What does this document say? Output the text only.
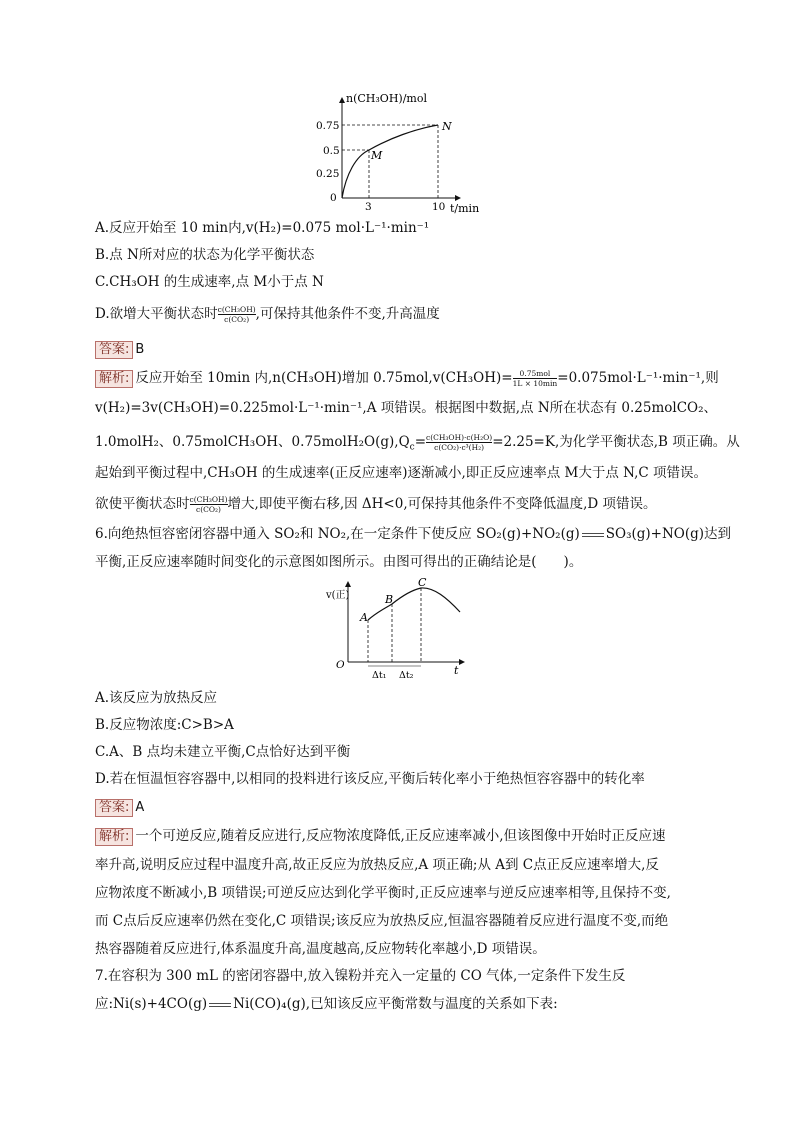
n(CH₃OH)/mol
t/min
0.75
0.5
0.25
0
3	10
M
N
A.反应开始至 10 min内,v(H₂)=0.075 mol·L⁻¹·min⁻¹
B.点 N所对应的状态为化学平衡状态
C.CH₃OH 的生成速率,点 M小于点 N
D.欲增大平衡状态时 $\frac{\text{c(CH₃OH)}}{\text{c(CO₂)}}$ ,可保持其他条件不变,升高温度
答案: B
解析: 反应开始至 10min 内,n(CH₃OH)增加 0.75mol,v(CH₃OH)= 0.75mol
1L × 10min =0.075mol·L⁻¹·min⁻¹,则
v(H₂)=3v(CH₃OH)=0.225mol·L⁻¹·min⁻¹,A 项错误。根据图中数据,点 N所在状态有 0.25molCO₂、
1.0molH₂、0.75molCH₃OH、$0.75molH_2O(g),Q_c= \frac{\text{c(CH₃OH)·c(H₂O)}}{\text{c(CO₂)·c³(H₂)}} =2.25=K$,为化学平衡状态,B 项正确。从
起始到平衡过程中,CH₃OH 的生成速率(正反应速率)逐渐减小,即正反应速率点 M大于点 N,C 项错误。
欲使平衡状态时 $\frac{\text{c(CH₃OH)}}{\text{c(CO₂)}}$ 增大,即使平衡右移,因 ΔH<0,可保持其他条件不变降低温度,D 项错误。
6.向绝热恒容密闭容器中通入 SO₂和 NO₂,在一定条件下使反应 SO₂(g)+NO₂(g) SO₃(g)+NO(g)达到
平衡,正反应速率随时间变化的示意图如图所示。由图可得出的正确结论是(　　)。
v(正)
t
O
A
B
C
Δt₁ Δt₂
A.该反应为放热反应
B.反应物浓度:C>B>A
C.A、B 点均未建立平衡,C点恰好达到平衡
D.若在恒温恒容容器中,以相同的投料进行该反应,平衡后转化率小于绝热恒容容器中的转化率
答案: A
解析: 一个可逆反应,随着反应进行,反应物浓度降低,正反应速率减小,但该图像中开始时正反应速
率升高,说明反应过程中温度升高,故正反应为放热反应,A 项正确;从 A到 C点正反应速率增大,反
应物浓度不断减小,B 项错误;可逆反应达到化学平衡时,正反应速率与逆反应速率相等,且保持不变,
而 C点后反应速率仍然在变化,C 项错误;该反应为放热反应,恒温容器随着反应进行温度不变,而绝
热容器随着反应进行,体系温度升高,温度越高,反应物转化率越小,D 项错误。
7.在容积为 300 mL 的密闭容器中,放入镍粉并充入一定量的 CO 气体,一定条件下发生反
应:Ni(s)+4CO(g) Ni(CO)₄(g),已知该反应平衡常数与温度的关系如下表:
